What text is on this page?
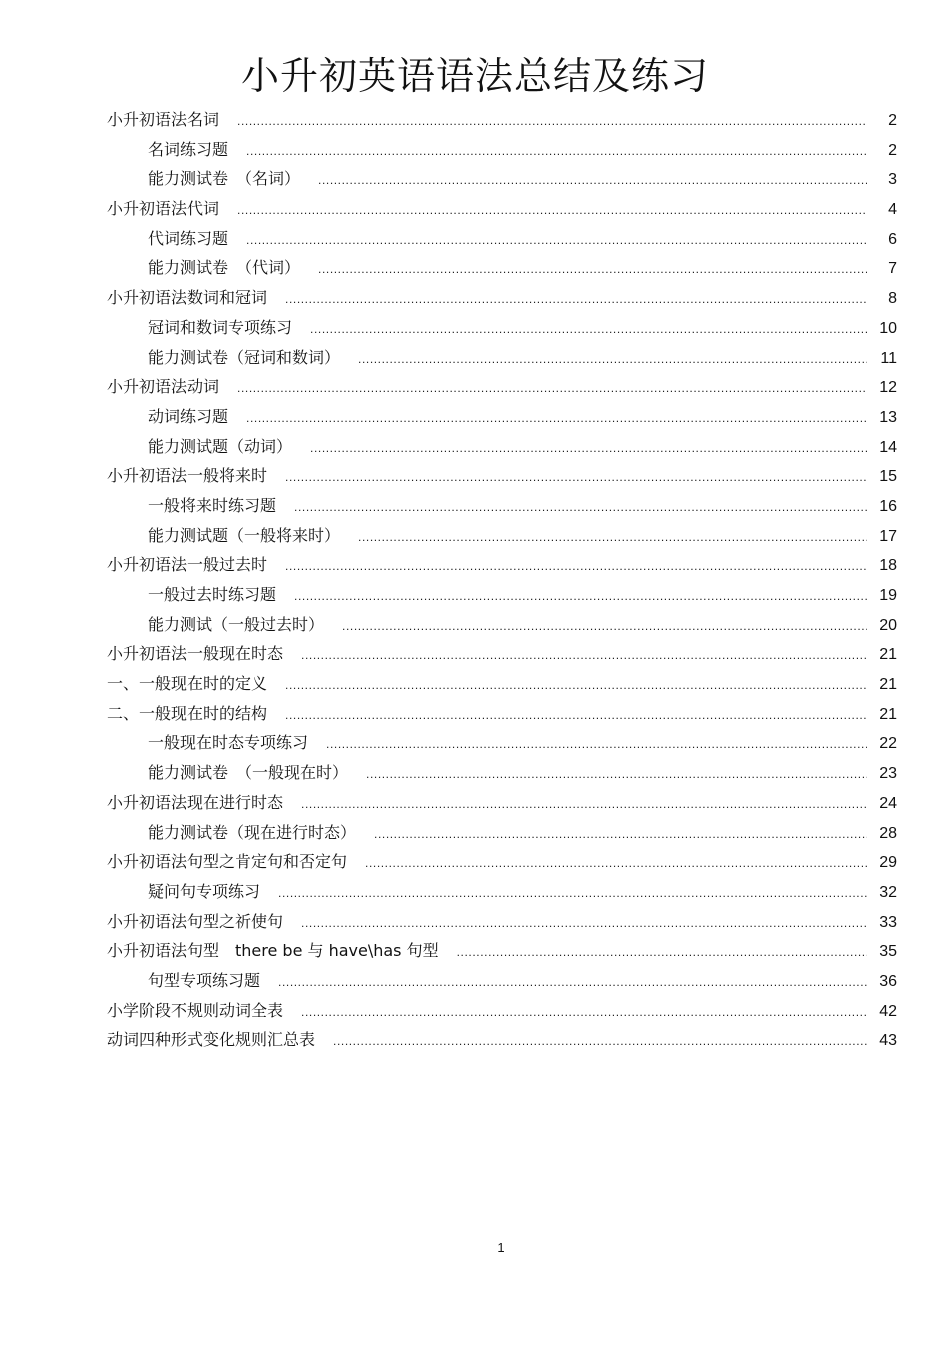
小升初英语语法总结及练习
小升初语法名词 .....	2
名词练习题 .....	2
能力测试卷　（名词） .....	3
小升初语法代词 .....	4
代词练习题 .....	6
能力测试卷　（代词） .....	7
小升初语法数词和冠词 .....	8
冠词和数词专项练习 .....	10
能力测试卷（冠词和数词） .....	11
小升初语法动词 .....	12
动词练习题 .....	13
能力测试题（动词） .....	14
小升初语法一般将来时 .....	15
一般将来时练习题 .....	16
能力测试题（一般将来时） .....	17
小升初语法一般过去时 .....	18
一般过去时练习题 .....	19
能力测试（一般过去时） .....	20
小升初语法一般现在时态 .....	21
一、一般现在时的定义 .....	21
二、一般现在时的结构 .....	21
一般现在时态专项练习 .....	22
能力测试卷　（一般现在时） .....	23
小升初语法现在进行时态 .....	24
能力测试卷（现在进行时态） .....	28
小升初语法句型之肯定句和否定句 .....	29
疑问句专项练习 .....	32
小升初语法句型之祈使句 .....	33
小升初语法句型　there be 与 have\has 句型 .....	35
句型专项练习题 .....	36
小学阶段不规则动词全表 .....	42
动词四种形式变化规则汇总表 .....	43
1
